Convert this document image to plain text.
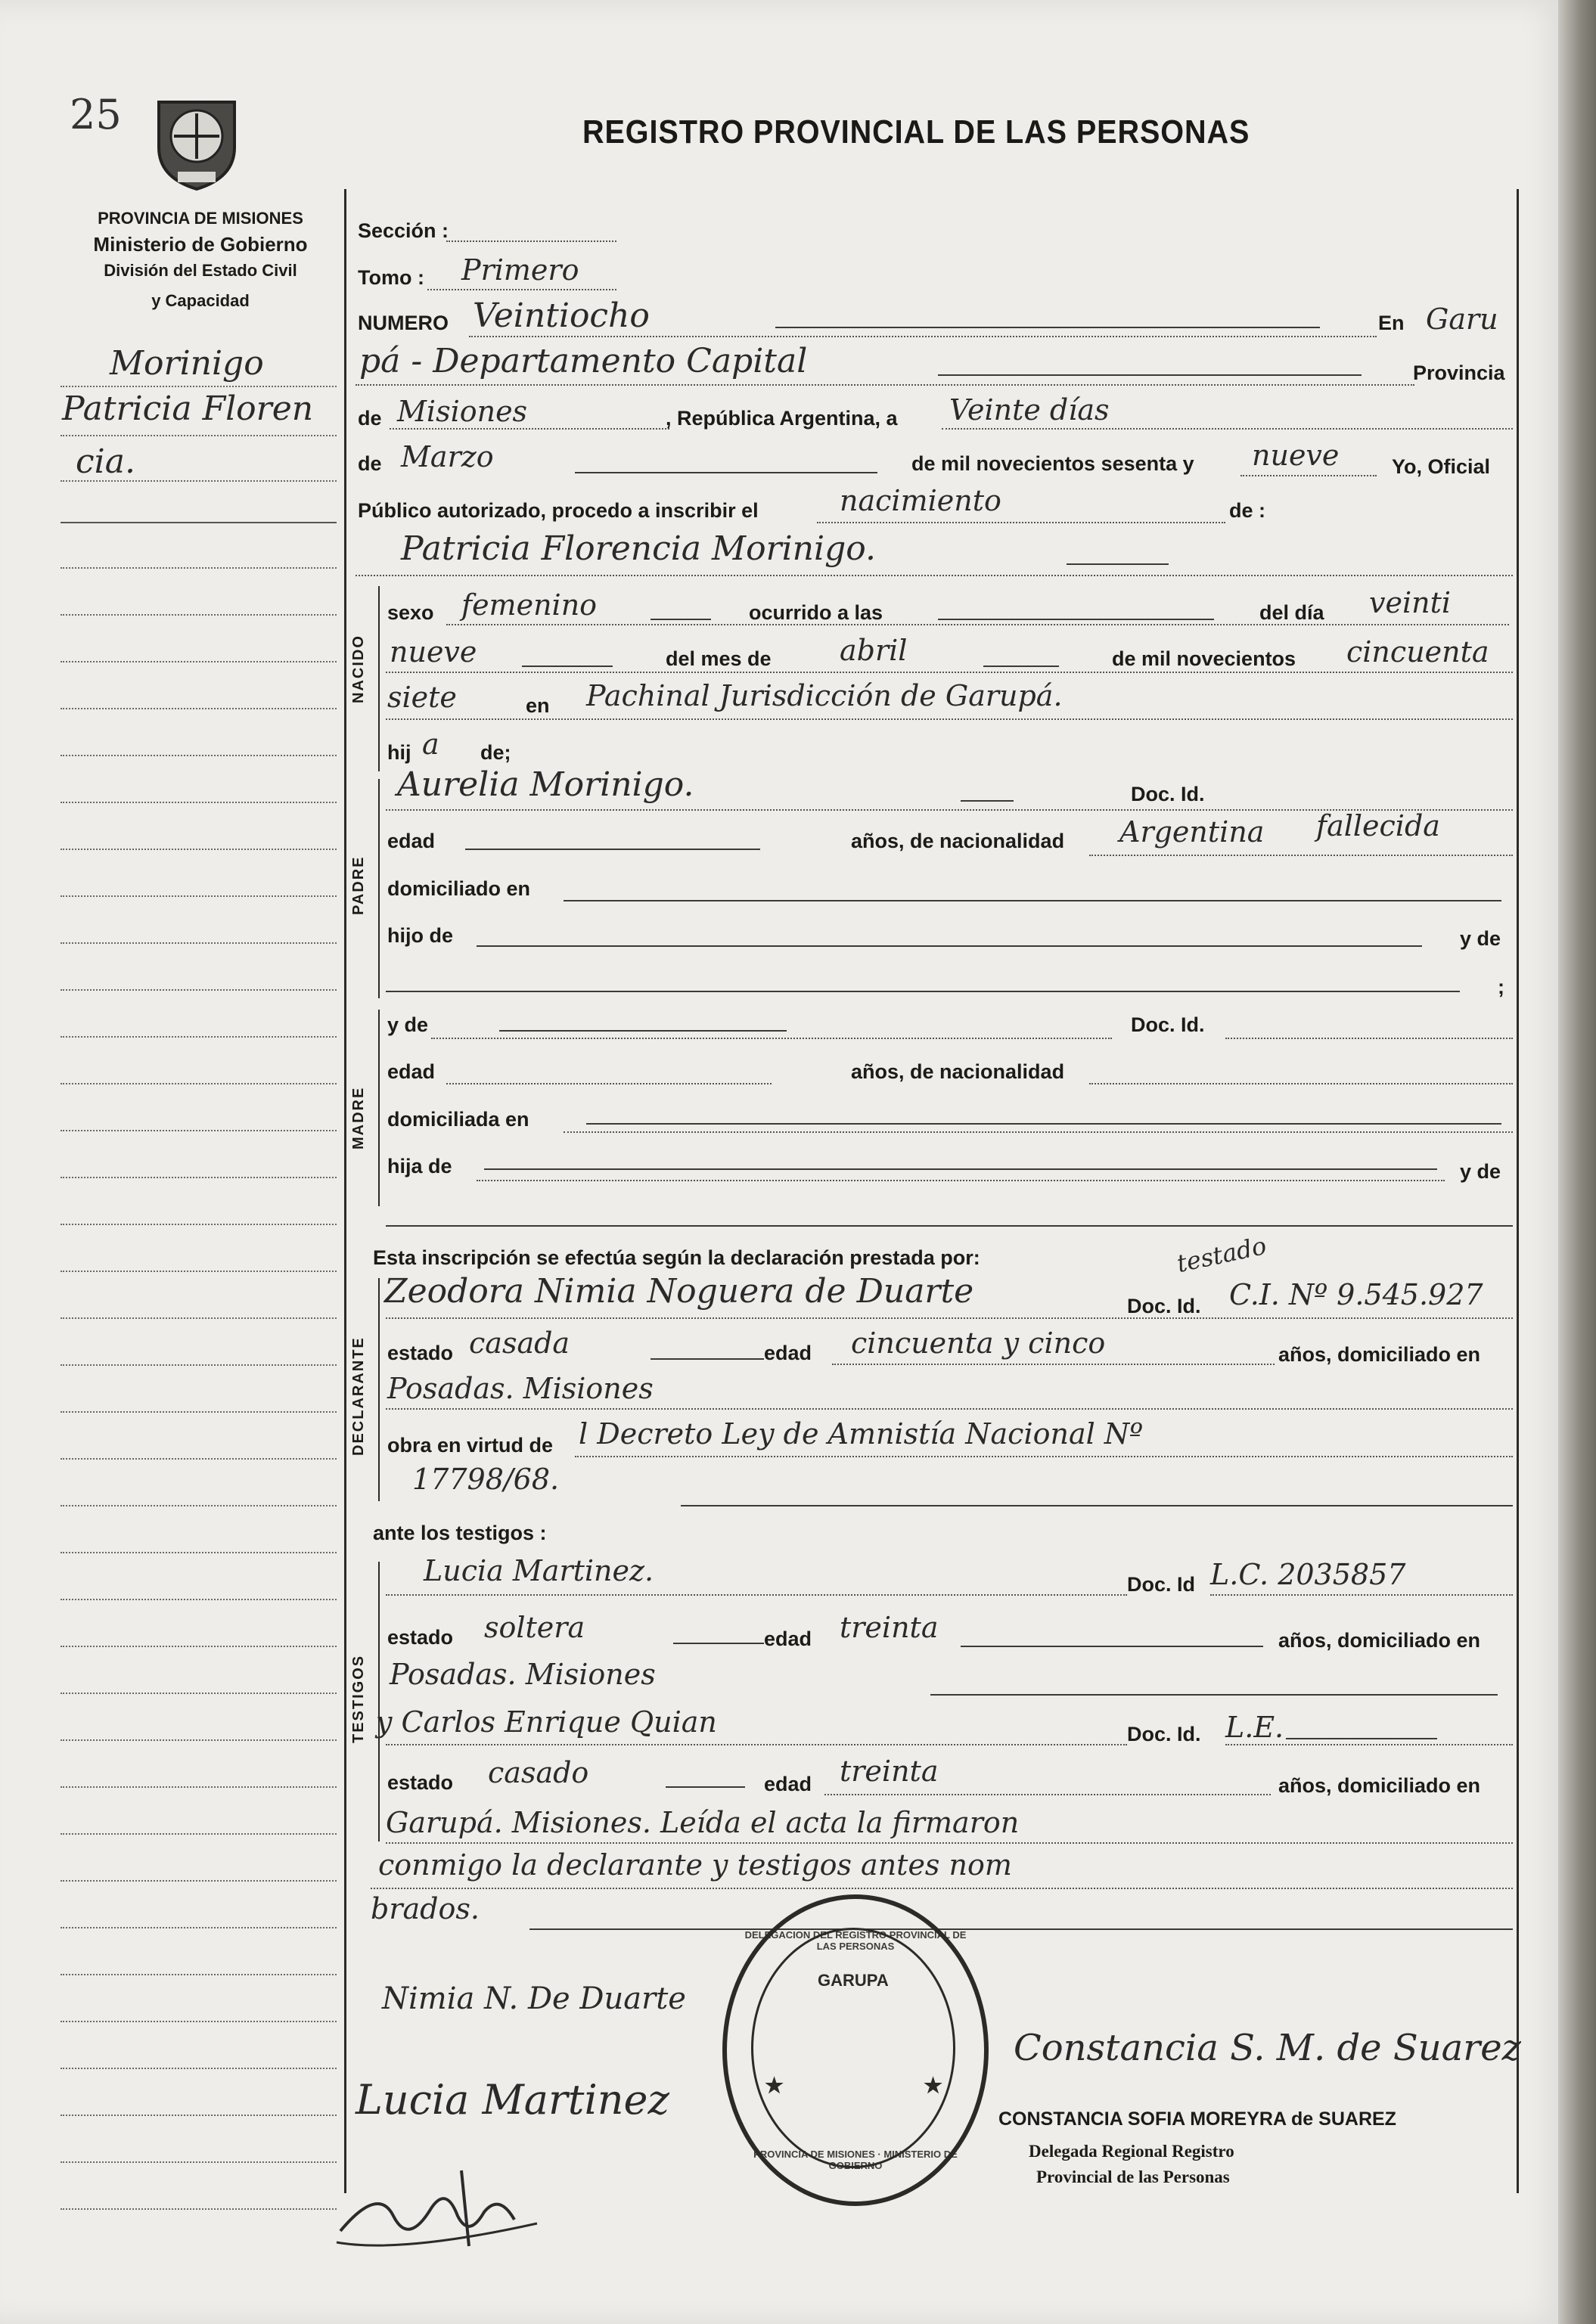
25
PROVINCIA DE MISIONES
Ministerio de Gobierno
División del Estado Civil
y Capacidad
REGISTRO PROVINCIAL DE LAS PERSONAS
Morinigo
Patricia Floren
cia.
NACIDO
PADRE
MADRE
DECLARANTE
TESTIGOS
Sección :
Tomo : Primero
NUMERO Veintiocho	En Garu
pá - Departamento Capital	Provincia
de Misiones	, República Argentina, a Veinte días
de Marzo	de mil novecientos sesenta y nueve	Yo, Oficial
Público autorizado, procedo a inscribir el	nacimiento	de :
Patricia Florencia Morinigo.
sexo femenino	ocurrido a las	del día veinti
nueve	del mes de abril	de mil novecientos cincuenta
siete	en Pachinal Jurisdicción de Garupá.
hij a de;
Aurelia Morinigo.	Doc. Id.
edad	años, de nacionalidad Argentina fallecida
domiciliado en
hijo de	y de
;
y de	Doc. Id.
edad	años, de nacionalidad
domiciliada en
hija de	y de
Esta inscripción se efectúa según la declaración prestada por:
Zeodora Nimia Noguera de Duarte
testado
Doc. Id. C.I. Nº 9.545.927
estado casada	edad cincuenta y cinco	años, domiciliado en
Posadas. Misiones
obra en virtud de l Decreto Ley de Amnistía Nacional Nº
17798/68.
ante los testigos :
Lucia Martinez.	Doc. Id L.C. 2035857
estado soltera	edad treinta	años, domiciliado en
Posadas. Misiones
y Carlos Enrique Quian	Doc. Id. L.E.
estado casado	edad treinta	años, domiciliado en
Garupá. Misiones. Leída el acta la firmaron
conmigo la declarante y testigos antes nom
brados.
Nimia N. De Duarte
Lucia Martinez
Constancia S. M. de Suarez
CONSTANCIA SOFIA MOREYRA de SUAREZ
Delegada Regional Registro
Provincial de las Personas
GARUPA
DELEGACION DEL REGISTRO PROVINCIAL DE LAS PERSONAS
PROVINCIA DE MISIONES · MINISTERIO DE GOBIERNO
★	★
